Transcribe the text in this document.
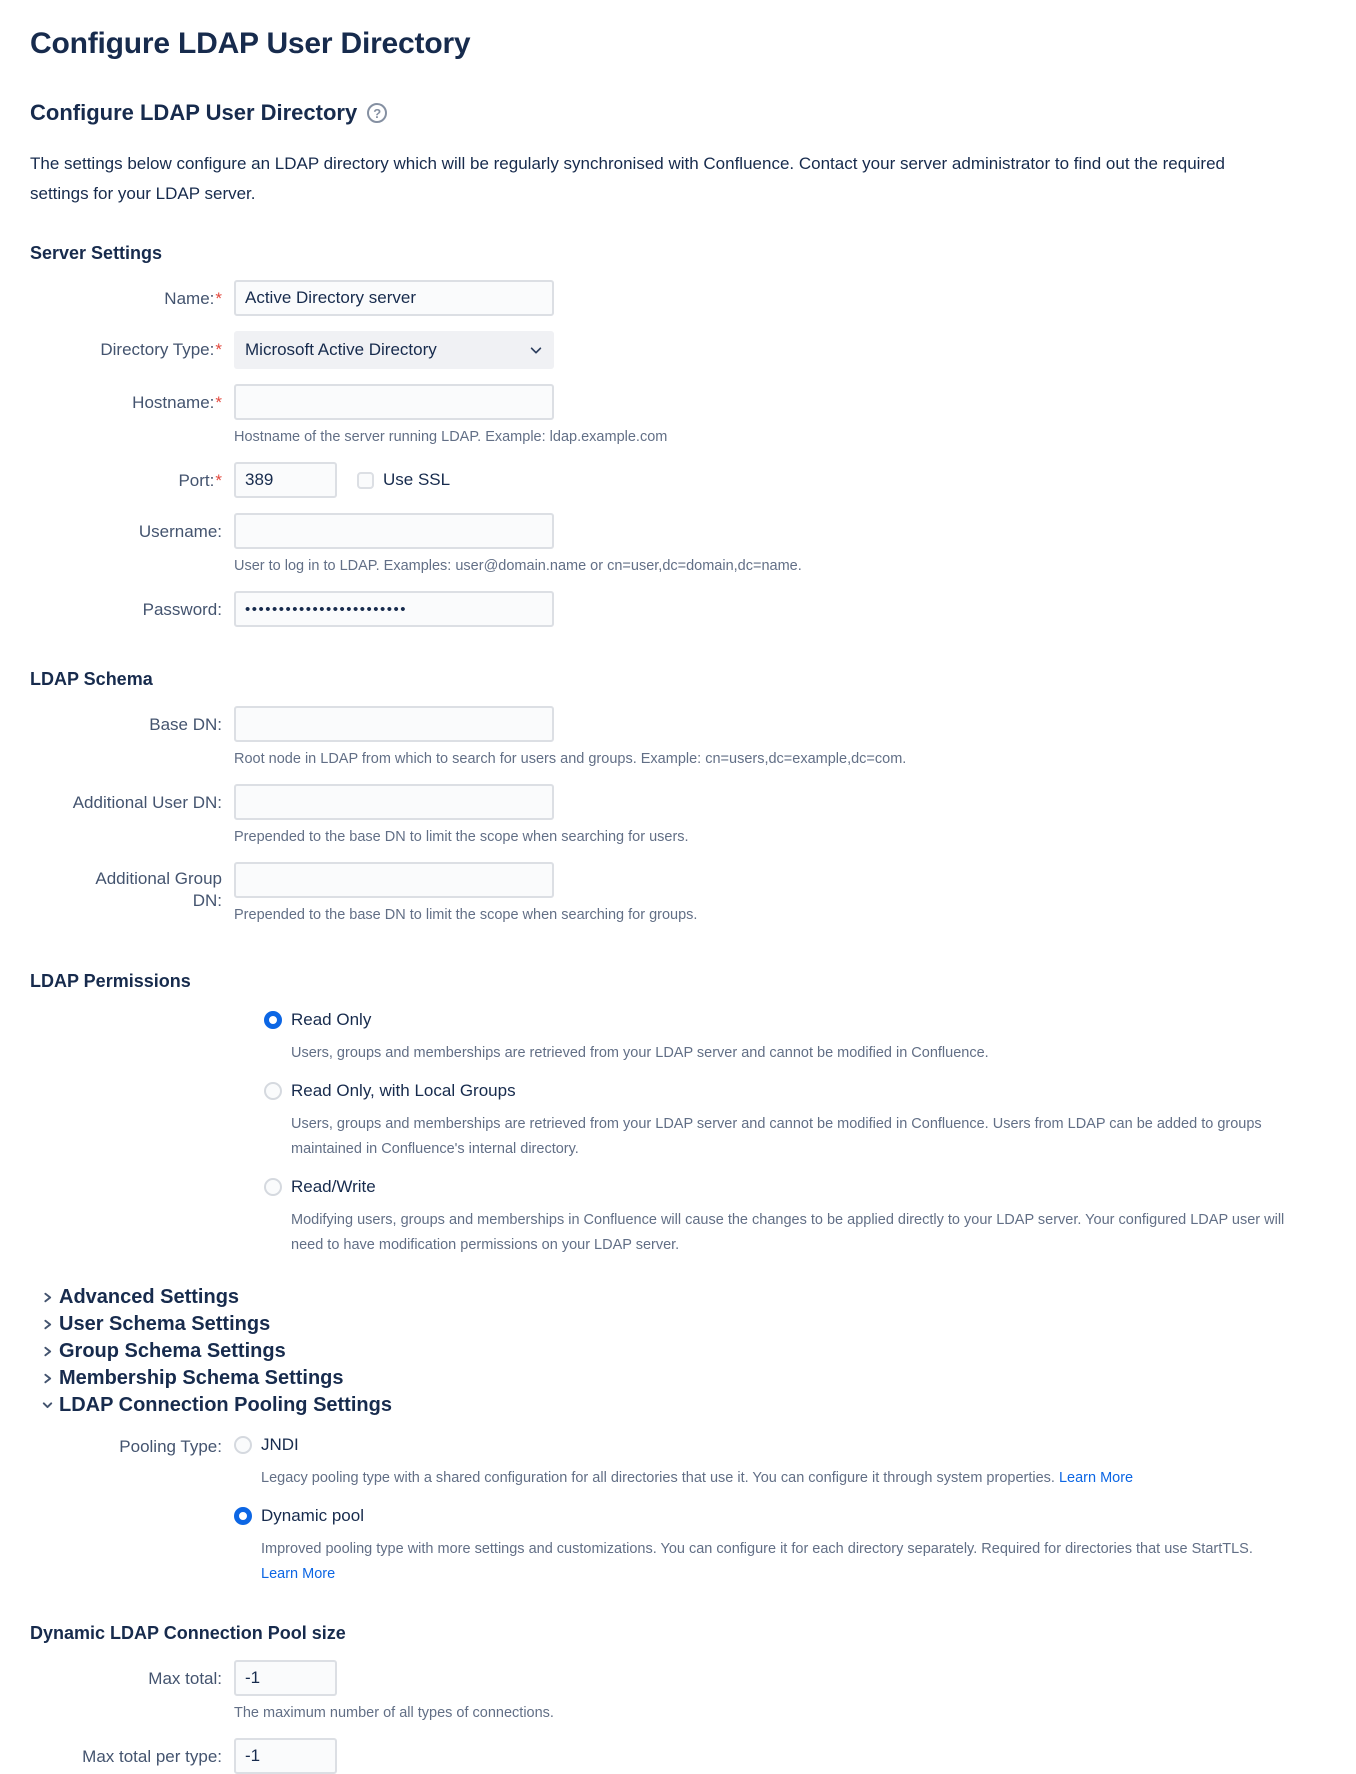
Configure LDAP User Directory
Configure LDAP User Directory	?

The settings below configure an LDAP directory which will be regularly synchronised with Confluence. Contact your server administrator to find out the required settings for your LDAP server.

Server Settings
Name:*
Active Directory server
Directory Type:* Microsoft Active Directory
Hostname:*
Hostname of the server running LDAP. Example: ldap.example.com
Port:*
389	Use SSL
Username:
User to log in to LDAP. Examples: user@domain.name or cn=user,dc=domain,dc=name.
Password:
••••••••••••••••••••••••
LDAP Schema
Base DN:
Root node in LDAP from which to search for users and groups. Example: cn=users,dc=example,dc=com.
Additional User DN:
Prepended to the base DN to limit the scope when searching for users.
Additional Group DN:
Prepended to the base DN to limit the scope when searching for groups.
LDAP Permissions
Read Only
Users, groups and memberships are retrieved from your LDAP server and cannot be modified in Confluence.
Read Only, with Local Groups
Users, groups and memberships are retrieved from your LDAP server and cannot be modified in Confluence. Users from LDAP can be added to groups maintained in Confluence's internal directory.
Read/Write
Modifying users, groups and memberships in Confluence will cause the changes to be applied directly to your LDAP server. Your configured LDAP user will need to have modification permissions on your LDAP server.
Advanced Settings
User Schema Settings
Group Schema Settings
Membership Schema Settings
LDAP Connection Pooling Settings
Pooling Type: JNDI
Legacy pooling type with a shared configuration for all directories that use it. You can configure it through system properties. Learn More
Dynamic pool
Improved pooling type with more settings and customizations. You can configure it for each directory separately. Required for directories that use StartTLS. Learn More
Dynamic LDAP Connection Pool size
Max total:
-1
The maximum number of all types of connections.
Max total per type:
-1
